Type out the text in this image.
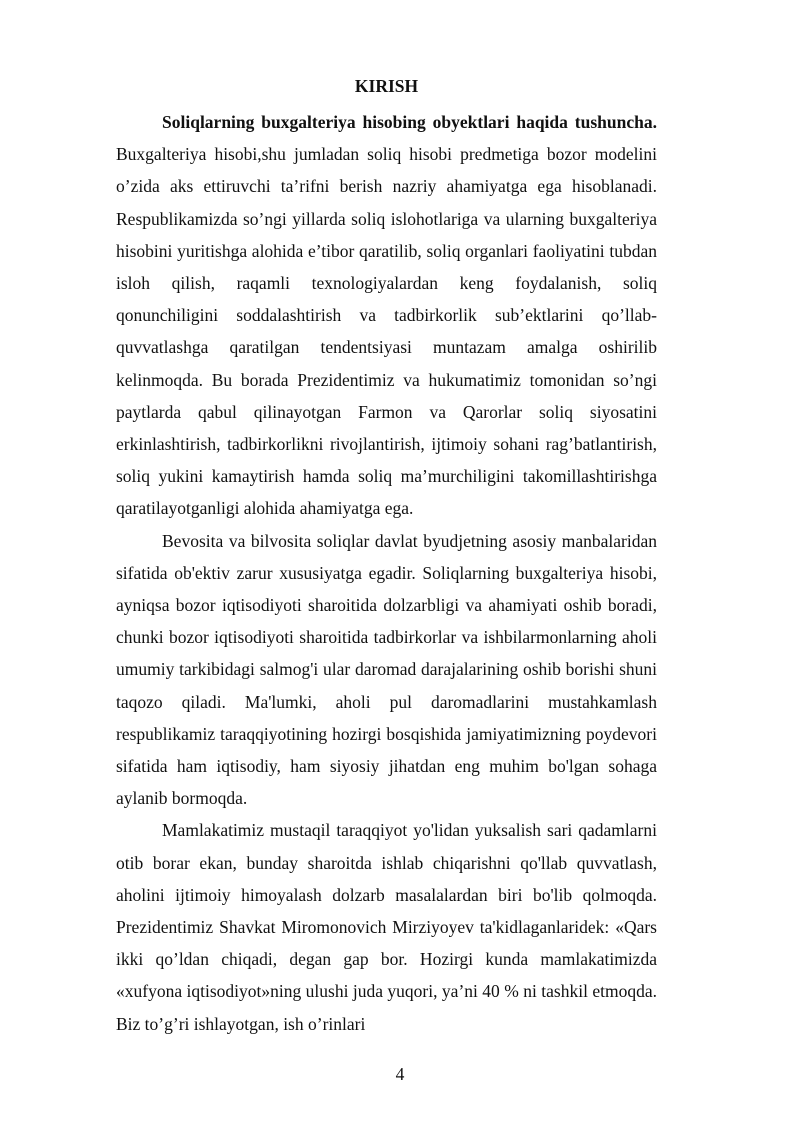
KIRISH

Soliqlarning buxgalteriya hisobing obyektlari haqida tushuncha. Buxgalteriya hisobi,shu jumladan soliq hisobi predmetiga bozor modelini o’zida aks ettiruvchi ta’rifni berish nazriy ahamiyatga ega hisoblanadi. Respublikamizda so’ngi yillarda soliq islohotlariga va ularning buxgalteriya hisobini yuritishga alohida e’tibor qaratilib, soliq organlari faoliyatini tubdan isloh qilish, raqamli texnologiyalardan keng foydalanish, soliq qonunchiligini soddalashtirish va tadbirkorlik sub’ektlarini qo’llab-quvvatlashga qaratilgan tendentsiyasi muntazam amalga oshirilib kelinmoqda. Bu borada Prezidentimiz va hukumatimiz tomonidan so’ngi paytlarda qabul qilinayotgan Farmon va Qarorlar soliq siyosatini erkinlashtirish, tadbirkorlikni rivojlantirish, ijtimoiy sohani rag’batlantirish, soliq yukini kamaytirish hamda soliq ma’murchiligini takomillashtirishga qaratilayotganligi alohida ahamiyatga ega.

Bevosita va bilvosita soliqlar davlat byudjetning asosiy manbalaridan sifatida ob'ektiv zarur xususiyatga egadir. Soliqlarning buxgalteriya hisobi, ayniqsa bozor iqtisodiyoti sharoitida dolzarbligi va ahamiyati oshib boradi, chunki bozor iqtisodiyoti sharoitida tadbirkorlar va ishbilarmonlarning aholi umumiy tarkibidagi salmog'i ular daromad darajalarining oshib borishi shuni taqozo qiladi. Ma'lumki, aholi pul daromadlarini mustahkamlash respublikamiz taraqqiyotining hozirgi bosqishida jamiyatimizning poydevori sifatida ham iqtisodiy, ham siyosiy jihatdan eng muhim bo'lgan sohaga aylanib bormoqda.

Mamlakatimiz mustaqil taraqqiyot yo'lidan yuksalish sari qadamlarni otib borar ekan, bunday sharoitda ishlab chiqarishni qo'llab quvvatlash, aholini ijtimoiy himoyalash dolzarb masalalardan biri bo'lib qolmoqda. Prezidentimiz Shavkat Miromonovich Mirziyoyev ta'kidlaganlaridek: «Qars ikki qo’ldan chiqadi, degan gap bor. Hozirgi kunda mamlakatimizda «xufyona iqtisodiyot»ning ulushi juda yuqori, ya’ni 40 % ni tashkil etmoqda. Biz to’g’ri ishlayotgan, ish o’rinlari

4
